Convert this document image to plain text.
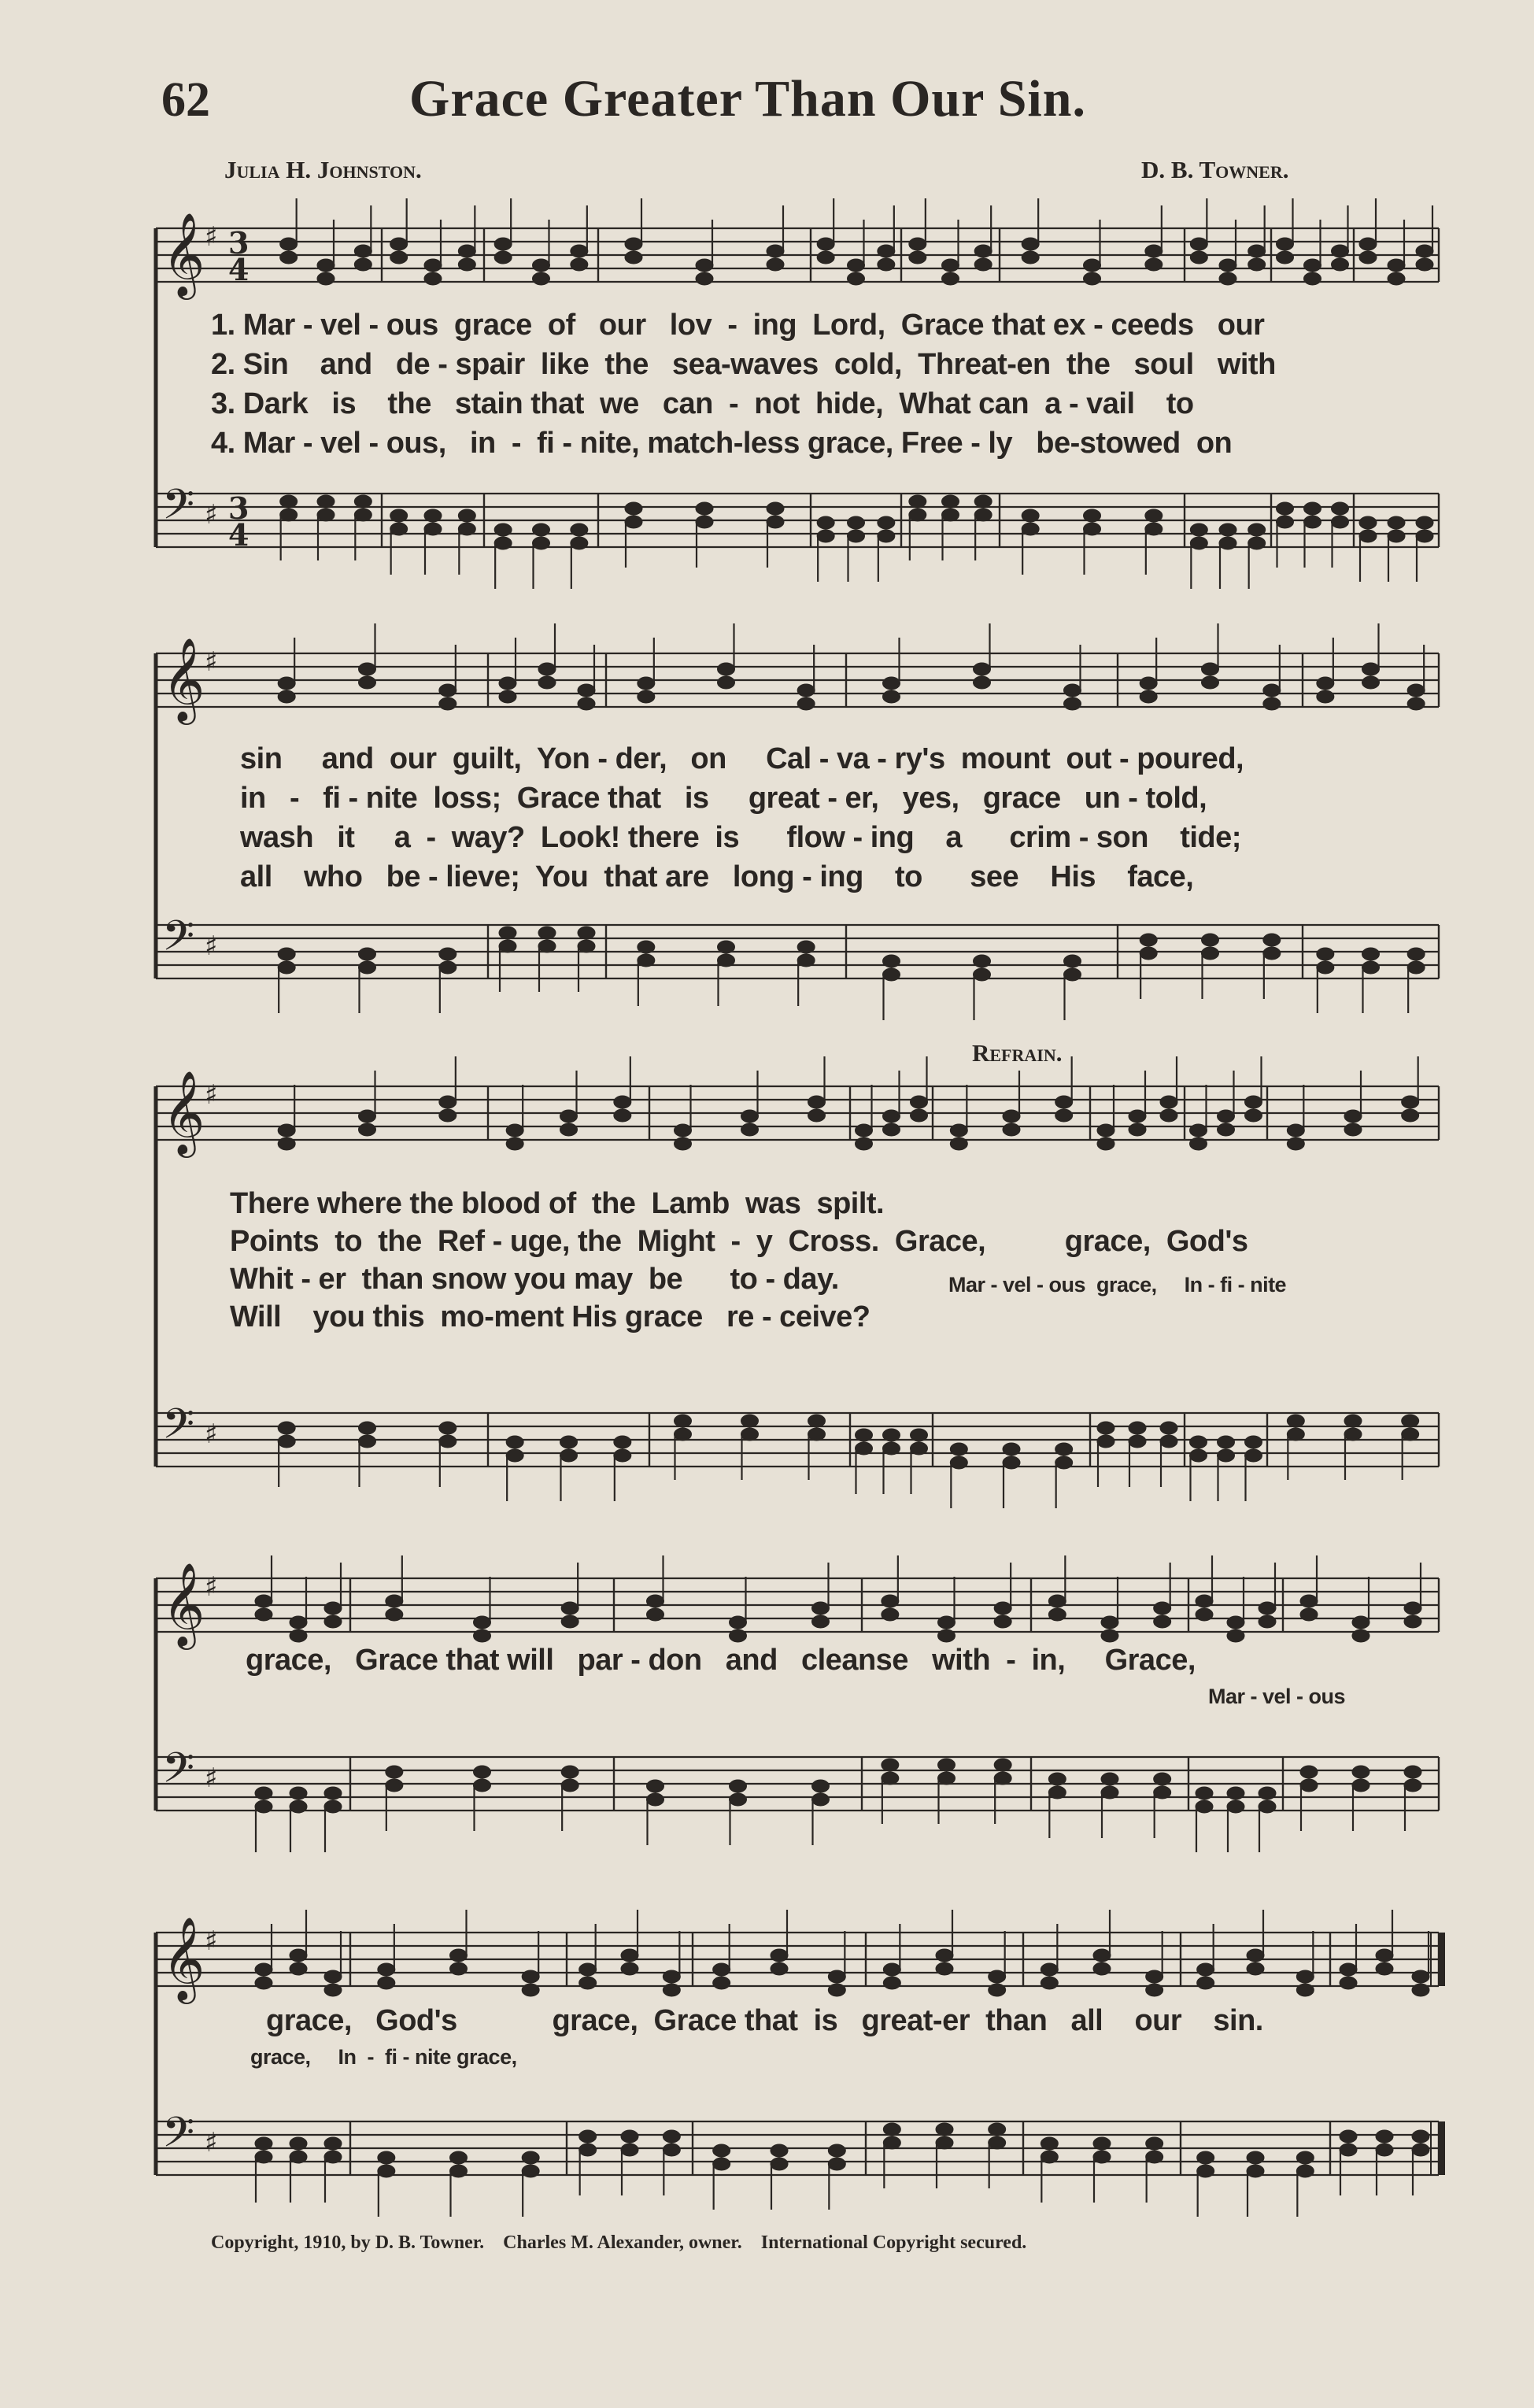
62	Grace Greater Than Our Sin.
Julia H. Johnston.	D. B. Towner.
𝄞 ♯ 3
4
𝄢 ♯ 3
4
𝄞 ♯
𝄢 ♯
𝄞 ♯
𝄢 ♯
𝄞 ♯
𝄢 ♯
𝄞 ♯
𝄢 ♯
1. Mar - vel - ous  grace  of   our   lov  -  ing  Lord,  Grace that ex - ceeds   our
2. Sin    and   de - spair  like  the   sea-waves  cold,  Threat-en  the   soul   with
3. Dark   is    the   stain that  we   can  -  not  hide,  What can  a - vail    to
4. Mar - vel - ous,   in  -  fi - nite, match-less grace, Free - ly   be-stowed  on
sin     and  our  guilt,  Yon - der,   on     Cal - va - ry's  mount  out - poured,
in   -   fi - nite  loss;  Grace that   is     great - er,   yes,   grace   un - told,
wash   it     a  -  way?  Look! there  is      flow - ing    a      crim - son    tide;
all    who   be - lieve;  You  that are   long - ing    to      see    His    face,
Refrain.
There where the blood of  the  Lamb  was  spilt.
Points  to  the  Ref - uge, the  Might  -  y  Cross.  Grace,          grace,  God's
Whit - er  than snow you may  be      to - day.	Mar - vel - ous  grace,     In - fi - nite
Will    you this  mo-ment His grace   re - ceive?
grace,   Grace that will   par - don   and   cleanse   with  -  in,     Grace,
Mar - vel - ous
grace,   God's            grace,  Grace that  is   great-er  than   all    our    sin.
grace,     In  -  fi - nite grace,
Copyright, 1910, by D. B. Towner.    Charles M. Alexander, owner.    International Copyright secured.
